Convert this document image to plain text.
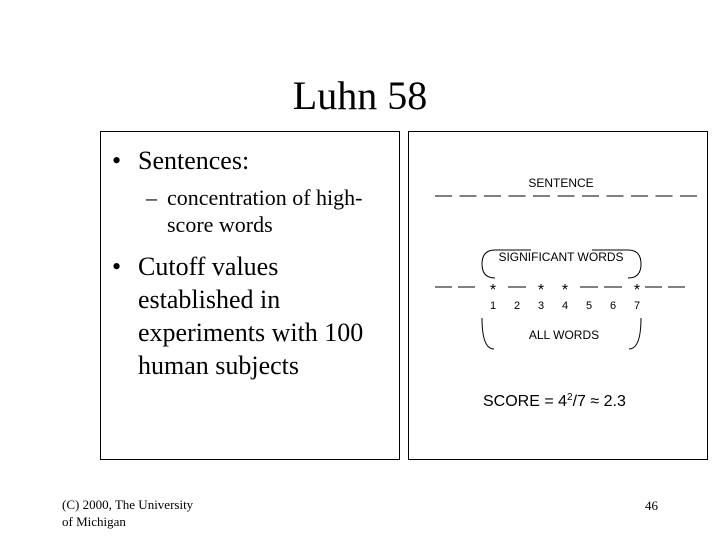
Luhn 58
• Sentences:
– concentration of high-score words
• Cutoff values established in experiments with 100 human subjects
SENTENCE
SIGNIFICANT WORDS
*
1 2
*
3
*
4 5 6
*
7
ALL WORDS
SCORE = $4^2/7 \approx 2.3$
(C) 2000, The University
of Michigan
46
